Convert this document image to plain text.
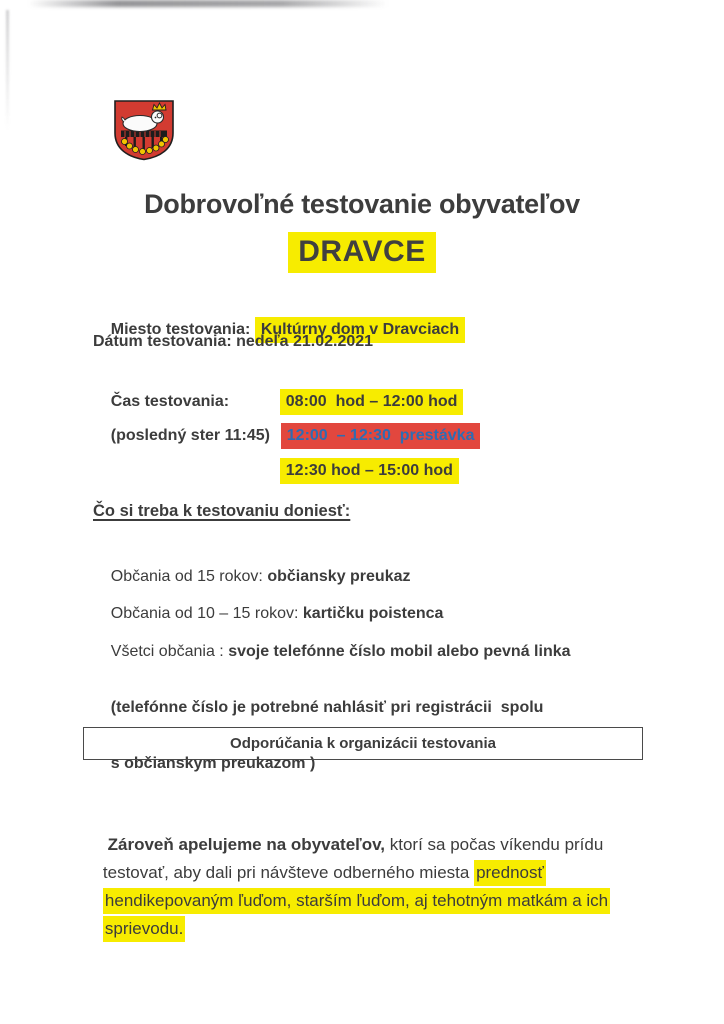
Dobrovoľné testovanie obyvateľov
DRAVCE

Miesto testovania: Kultúrny dom v Dravciach

Dátum testovania: nedeľa 21.02.2021

Čas testovania:	08:00  hod – 12:00 hod

(posledný ster 11:45) 12:00  – 12:30  prestávka

12:30 hod – 15:00 hod

Čo si treba k testovaniu doniesť:

Občania od 15 rokov: občiansky preukaz

Občania od 10 – 15 rokov: kartičku poistenca

Všetci občania : svoje telefónne číslo mobil alebo pevná linka

(telefónne číslo je potrebné nahlásiť pri registrácii  spolu

s občianskym preukazom )

Odporúčania k organizácii testovania

Zároveň apelujeme na obyvateľov, ktorí sa počas víkendu prídu

testovať, aby dali pri návšteve odberného miesta prednosť

hendikepovaným ľuďom, starším ľuďom, aj tehotným matkám a ich

sprievodu.
